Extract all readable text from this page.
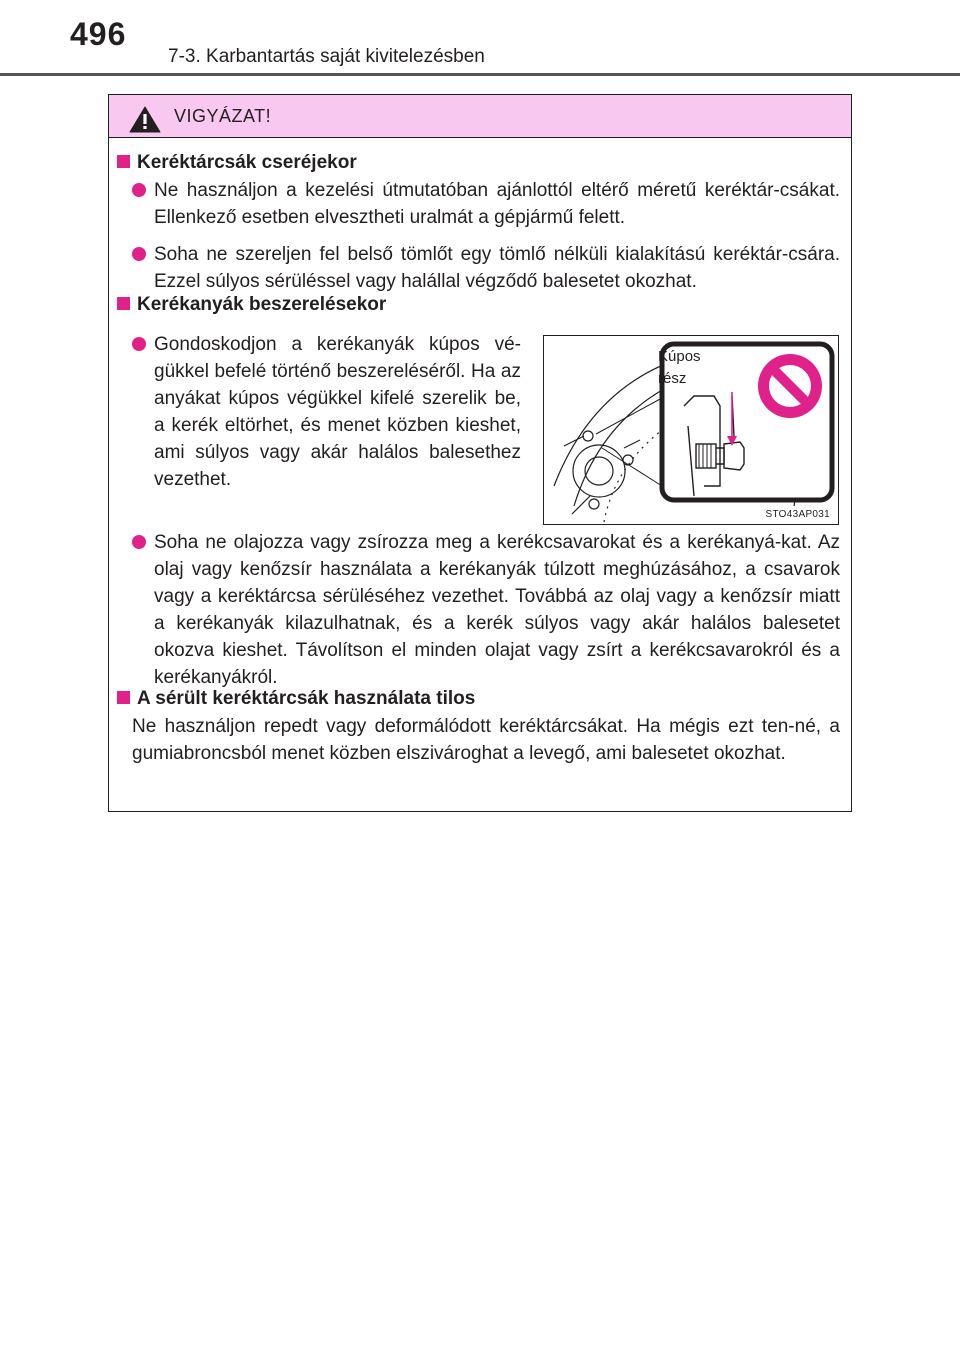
496
7-3. Karbantartás saját kivitelezésben
VIGYÁZAT!
Keréktárcsák cseréjekor
Ne használjon a kezelési útmutatóban ajánlottól eltérő méretű keréktár-csákat. Ellenkező esetben elvesztheti uralmát a gépjármű felett.
Soha ne szereljen fel belső tömlőt egy tömlő nélküli kialakítású keréktár-csára. Ezzel súlyos sérüléssel vagy halállal végződő balesetet okozhat.
Kerékanyák beszerelésekor
Gondoskodjon a kerékanyák kúpos vé-gükkel befelé történő beszereléséről. Ha az anyákat kúpos végükkel kifelé szerelik be, a kerék eltörhet, és menet közben kieshet, ami súlyos vagy akár halálos balesethez vezethet.
Kúpos rész
STO43AP031
Soha ne olajozza vagy zsírozza meg a kerékcsavarokat és a kerékanyá-kat. Az olaj vagy kenőzsír használata a kerékanyák túlzott meghúzásához, a csavarok vagy a keréktárcsa sérüléséhez vezethet. Továbbá az olaj vagy a kenőzsír miatt a kerékanyák kilazulhatnak, és a kerék súlyos vagy akár halálos balesetet okozva kieshet. Távolítson el minden olajat vagy zsírt a kerékcsavarokról és a kerékanyákról.
A sérült keréktárcsák használata tilos
Ne használjon repedt vagy deformálódott keréktárcsákat. Ha mégis ezt ten-né, a gumiabroncsból menet közben elszivároghat a levegő, ami balesetet okozhat.
